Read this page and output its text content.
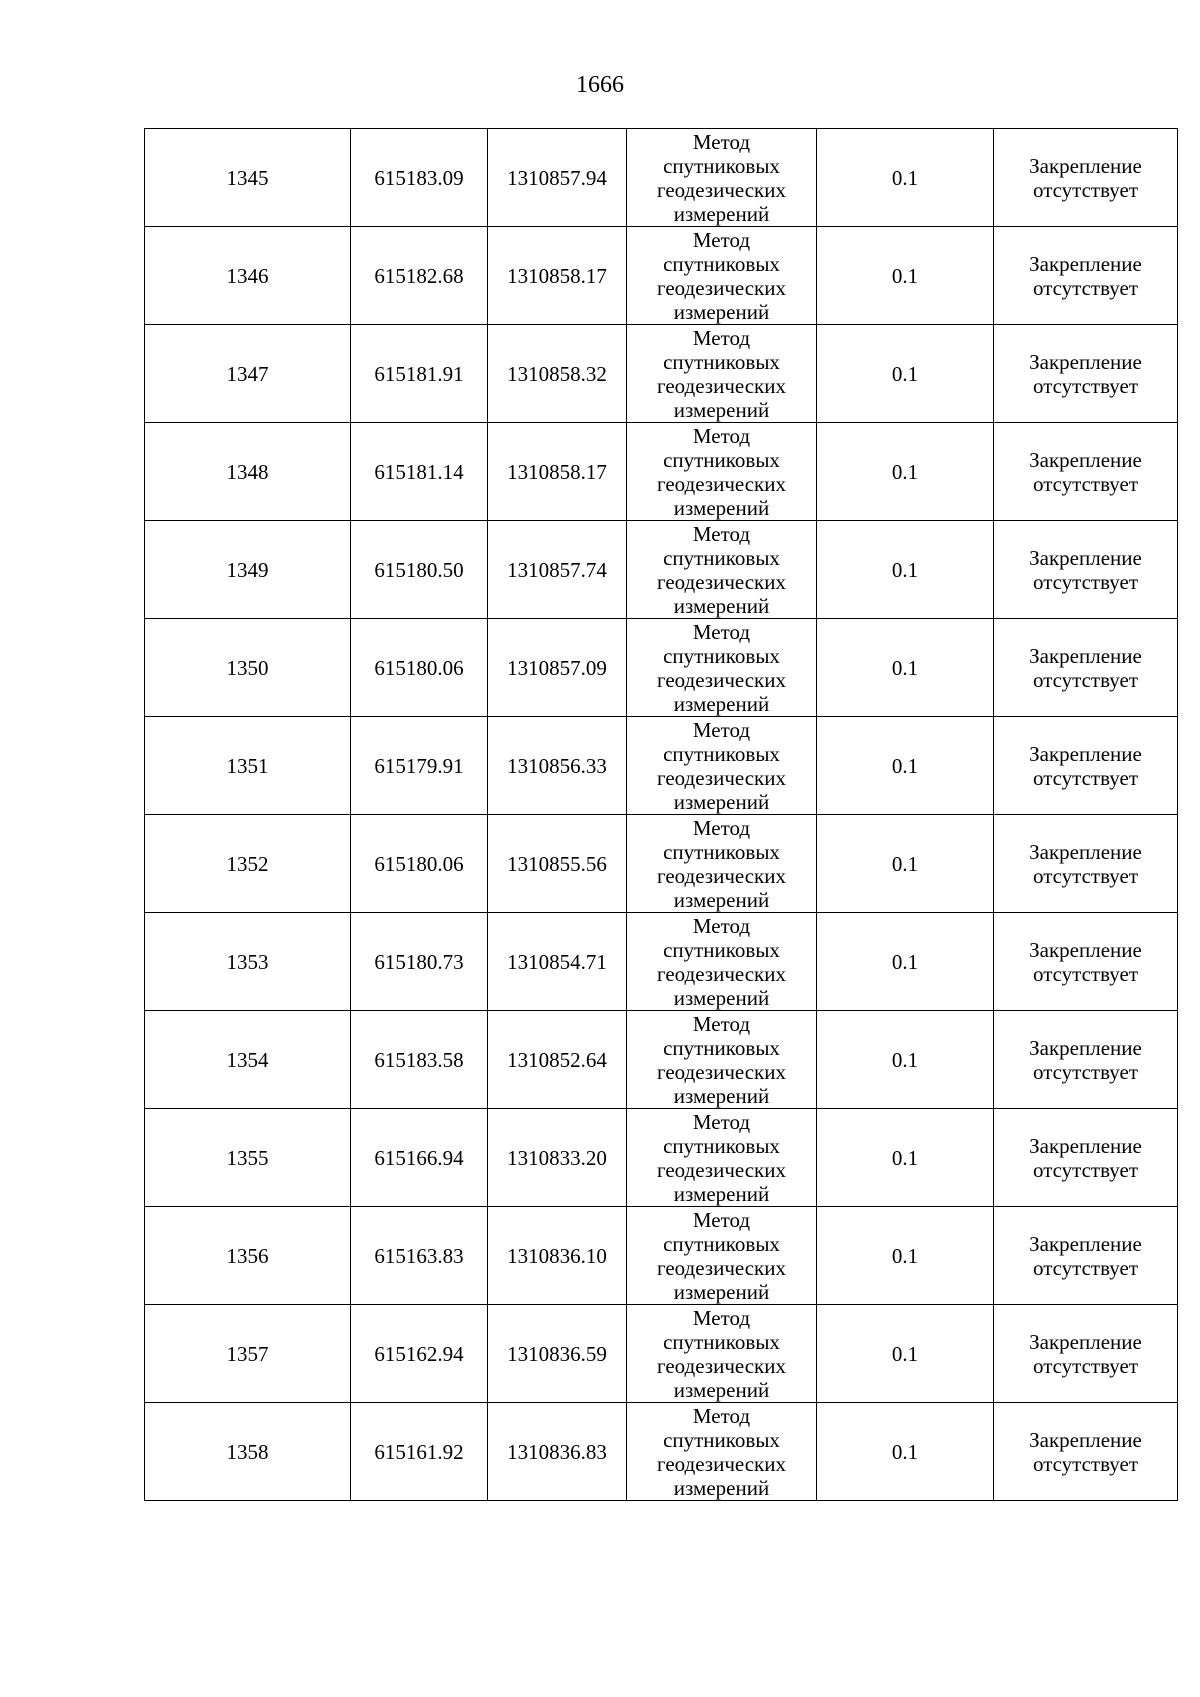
1666
1345	615183.09	1310857.94	Метод
спутниковых
геодезических
измерений	0.1	Закрепление
отсутствует

1346	615182.68	1310858.17	Метод
спутниковых
геодезических
измерений	0.1	Закрепление
отсутствует

1347	615181.91	1310858.32	Метод
спутниковых
геодезических
измерений	0.1	Закрепление
отсутствует

1348	615181.14	1310858.17	Метод
спутниковых
геодезических
измерений	0.1	Закрепление
отсутствует

1349	615180.50	1310857.74	Метод
спутниковых
геодезических
измерений	0.1	Закрепление
отсутствует

1350	615180.06	1310857.09	Метод
спутниковых
геодезических
измерений	0.1	Закрепление
отсутствует

1351	615179.91	1310856.33	Метод
спутниковых
геодезических
измерений	0.1	Закрепление
отсутствует

1352	615180.06	1310855.56	Метод
спутниковых
геодезических
измерений	0.1	Закрепление
отсутствует

1353	615180.73	1310854.71	Метод
спутниковых
геодезических
измерений	0.1	Закрепление
отсутствует

1354	615183.58	1310852.64	Метод
спутниковых
геодезических
измерений	0.1	Закрепление
отсутствует

1355	615166.94	1310833.20	Метод
спутниковых
геодезических
измерений	0.1	Закрепление
отсутствует

1356	615163.83	1310836.10	Метод
спутниковых
геодезических
измерений	0.1	Закрепление
отсутствует

1357	615162.94	1310836.59	Метод
спутниковых
геодезических
измерений	0.1	Закрепление
отсутствует

1358	615161.92	1310836.83	Метод
спутниковых
геодезических
измерений	0.1	Закрепление
отсутствует
